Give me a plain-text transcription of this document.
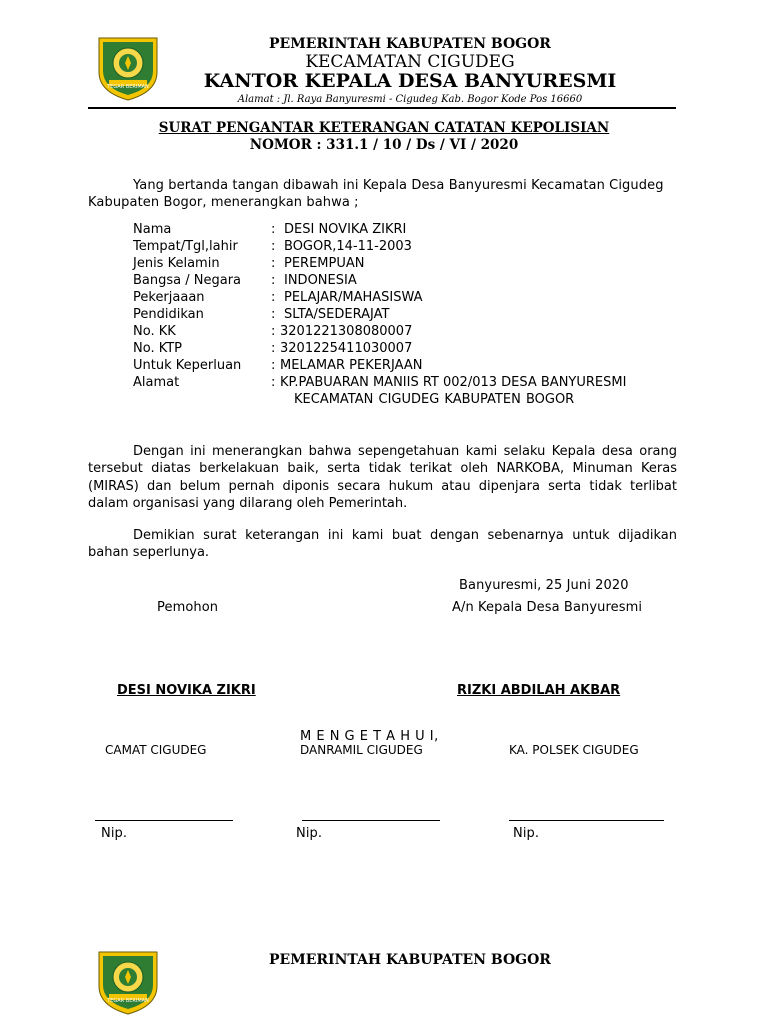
TEGAR BERIMAN
PEMERINTAH KABUPATEN BOGOR
KECAMATAN CIGUDEG
KANTOR KEPALA DESA BANYURESMI
Alamat : Jl. Raya Banyuresmi - Cigudeg Kab. Bogor Kode Pos 16660
SURAT PENGANTAR KETERANGAN CATATAN KEPOLISIAN
NOMOR : 331.1 / 10 / Ds / VI / 2020
Yang bertanda tangan dibawah ini Kepala Desa Banyuresmi Kecamatan Cigudeg
Kabupaten Bogor, menerangkan bahwa ;
Nama	: DESI NOVIKA ZIKRI
Tempat/Tgl,lahir	: BOGOR,14-11-2003
Jenis Kelamin	: PEREMPUAN
Bangsa / Negara : INDONESIA
Pekerjaaan	: PELAJAR/MAHASISWA
Pendidikan	: SLTA/SEDERAJAT
No. KK	: 3201221308080007
No. KTP	: 3201225411030007
Untuk Keperluan : MELAMAR PEKERJAAN
Alamat	: KP.PABUARAN MANIIS RT 002/013 DESA BANYURESMI
KECAMATAN CIGUDEG KABUPATEN BOGOR
Dengan ini menerangkan bahwa sepengetahuan kami selaku Kepala desa orang tersebut diatas berkelakuan baik, serta tidak terikat oleh NARKOBA, Minuman Keras (MIRAS) dan belum pernah diponis secara hukum atau dipenjara serta tidak terlibat dalam organisasi yang dilarang oleh Pemerintah.
Demikian surat keterangan ini kami buat dengan sebenarnya untuk dijadikan bahan seperlunya.
Banyuresmi, 25 Juni 2020
Pemohon	A/n Kepala Desa Banyuresmi
DESI NOVIKA ZIKRI	RIZKI ABDILAH AKBAR
M E N G E T A H U I,
CAMAT CIGUDEG	DANRAMIL CIGUDEG	KA. POLSEK CIGUDEG
Nip.	Nip.	Nip.
TEGAR BERIMAN
PEMERINTAH KABUPATEN BOGOR
